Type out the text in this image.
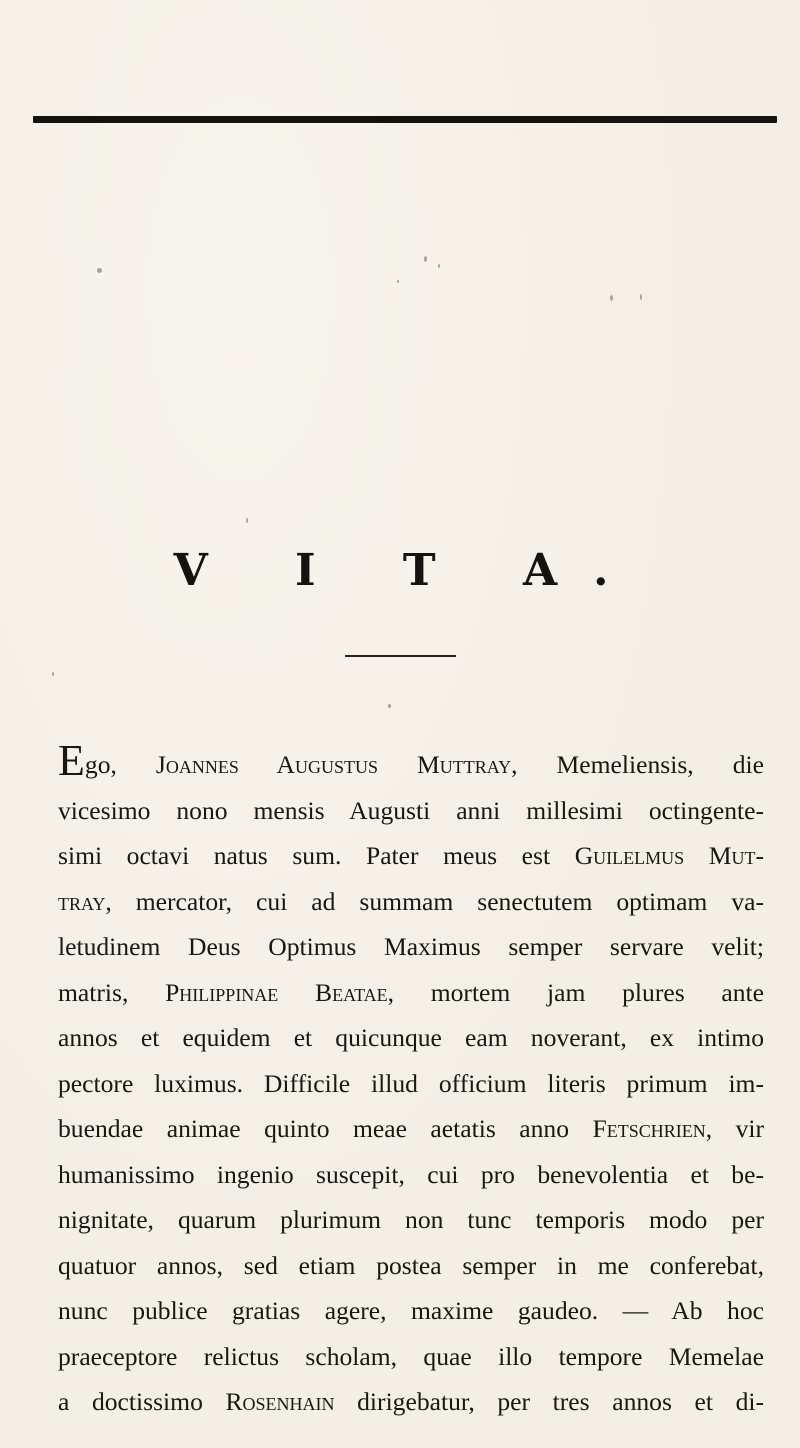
V I T A.
Ego, Joannes Augustus Muttray, Memeliensis, die
vicesimo nono mensis Augusti anni millesimi octingente-
simi octavi natus sum. Pater meus est Guilelmus Mut-
tray, mercator, cui ad summam senectutem optimam va-
letudinem Deus Optimus Maximus semper servare velit;
matris, Philippinae Beatae, mortem jam plures ante
annos et equidem et quicunque eam noverant, ex intimo
pectore luximus. Difficile illud officium literis primum im-
buendae animae quinto meae aetatis anno Fetschrien, vir
humanissimo ingenio suscepit, cui pro benevolentia et be-
nignitate, quarum plurimum non tunc temporis modo per
quatuor annos, sed etiam postea semper in me conferebat,
nunc publice gratias agere, maxime gaudeo. — Ab hoc
praeceptore relictus scholam, quae illo tempore Memelae
a doctissimo Rosenhain dirigebatur, per tres annos et di-
